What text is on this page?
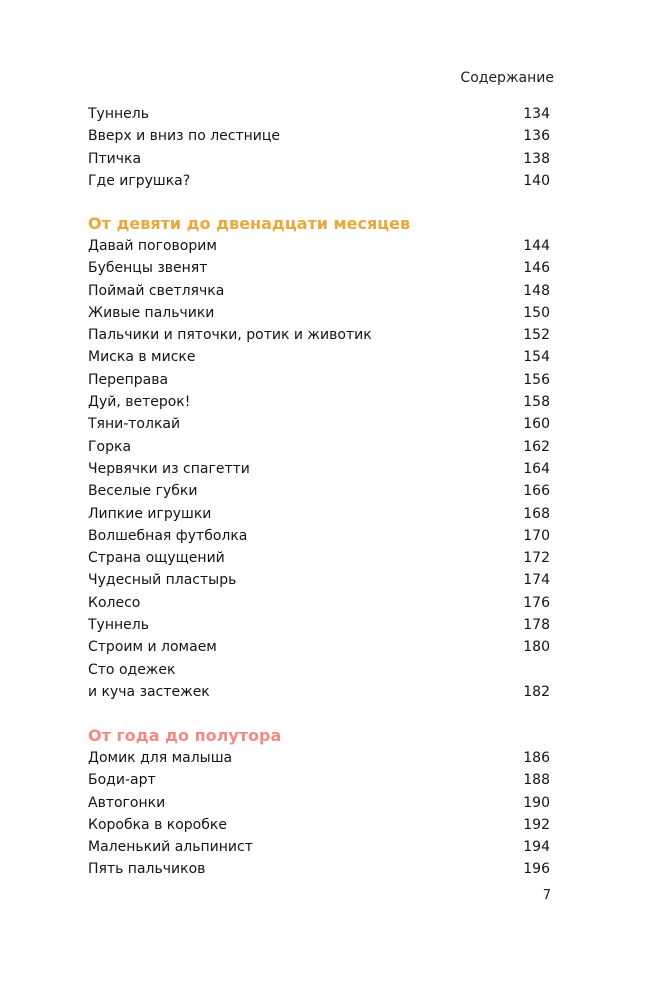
Содержание
Туннель	134
Вверх и вниз по лестнице	136
Птичка	138
Где игрушка?	140
От девяти до двенадцати месяцев
Давай поговорим	144
Бубенцы звенят	146
Поймай светлячка	148
Живые пальчики	150
Пальчики и пяточки, ротик и животик	152
Миска в миске	154
Переправа	156
Дуй, ветерок!	158
Тяни-толкай	160
Горка	162
Червячки из спагетти	164
Веселые губки	166
Липкие игрушки	168
Волшебная футболка	170
Страна ощущений	172
Чудесный пластырь	174
Колесо	176
Туннель	178
Строим и ломаем	180
Сто одежек
и куча застежек	182
От года до полутора
Домик для малыша	186
Боди-арт	188
Автогонки	190
Коробка в коробке	192
Маленький альпинист	194
Пять пальчиков	196
7
